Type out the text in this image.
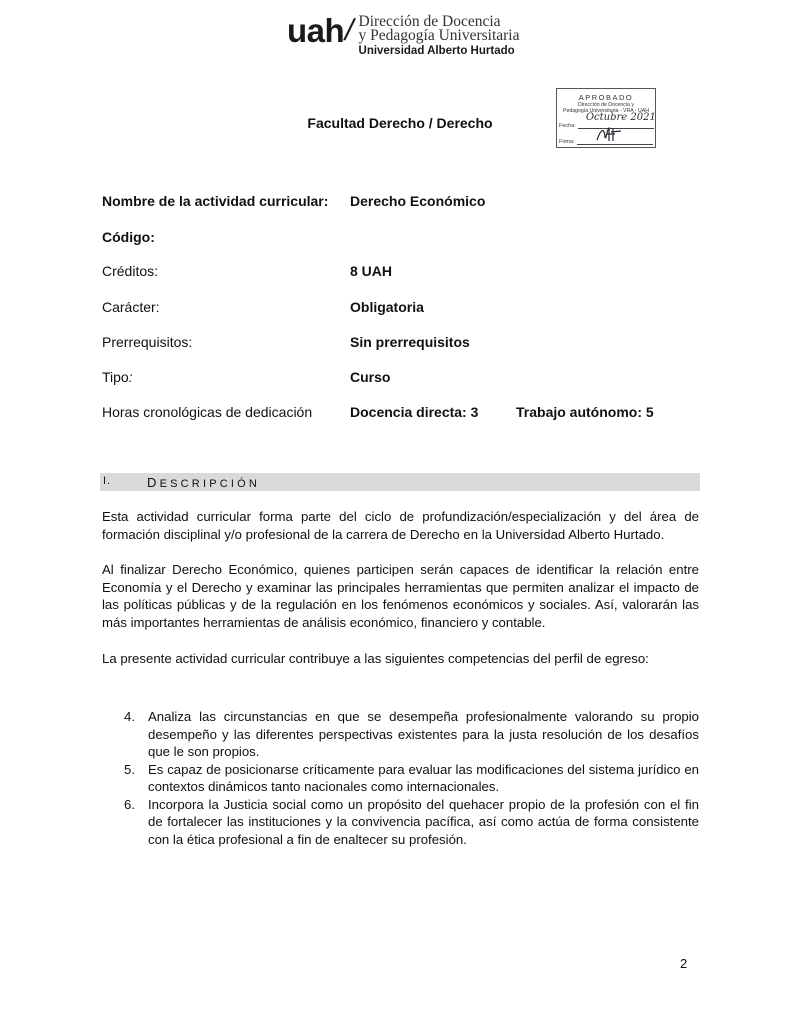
uah
/ Dirección de Docencia
y Pedagogía Universitaria
Universidad Alberto Hurtado
APROBADO
Dirección de Docencia y
Pedagogía Universitaria - VRA - UAH
Fecha:
Octubre 2021
Firma:
Facultad Derecho / Derecho
Nombre de la actividad curricular: Derecho Económico
Código:
Créditos:	8 UAH
Carácter:	Obligatoria
Prerrequisitos:	Sin prerrequisitos
Tipo:	Curso
Horas cronológicas de dedicación	Docencia directa: 3	Trabajo autónomo: 5
I.	DESCRIPCIÓN
Esta actividad curricular forma parte del ciclo de profundización/especialización y del área de formación disciplinal y/o profesional de la carrera de Derecho en la Universidad Alberto Hurtado.
Al finalizar Derecho Económico, quienes participen serán capaces de identificar la relación entre Economía y el Derecho y examinar las principales herramientas que permiten analizar el impacto de las políticas públicas y de la regulación en los fenómenos económicos y sociales. Así, valorarán las más importantes herramientas de análisis económico, financiero y contable.
La presente actividad curricular contribuye a las siguientes competencias del perfil de egreso:
4. Analiza las circunstancias en que se desempeña profesionalmente valorando su propio desempeño y las diferentes perspectivas existentes para la justa resolución de los desafíos que le son propios.
5. Es capaz de posicionarse críticamente para evaluar las modificaciones del sistema jurídico en contextos dinámicos tanto nacionales como internacionales.
6. Incorpora la Justicia social como un propósito del quehacer propio de la profesión con el fin de fortalecer las instituciones y la convivencia pacífica, así como actúa de forma consistente con la ética profesional a fin de enaltecer su profesión.
2
